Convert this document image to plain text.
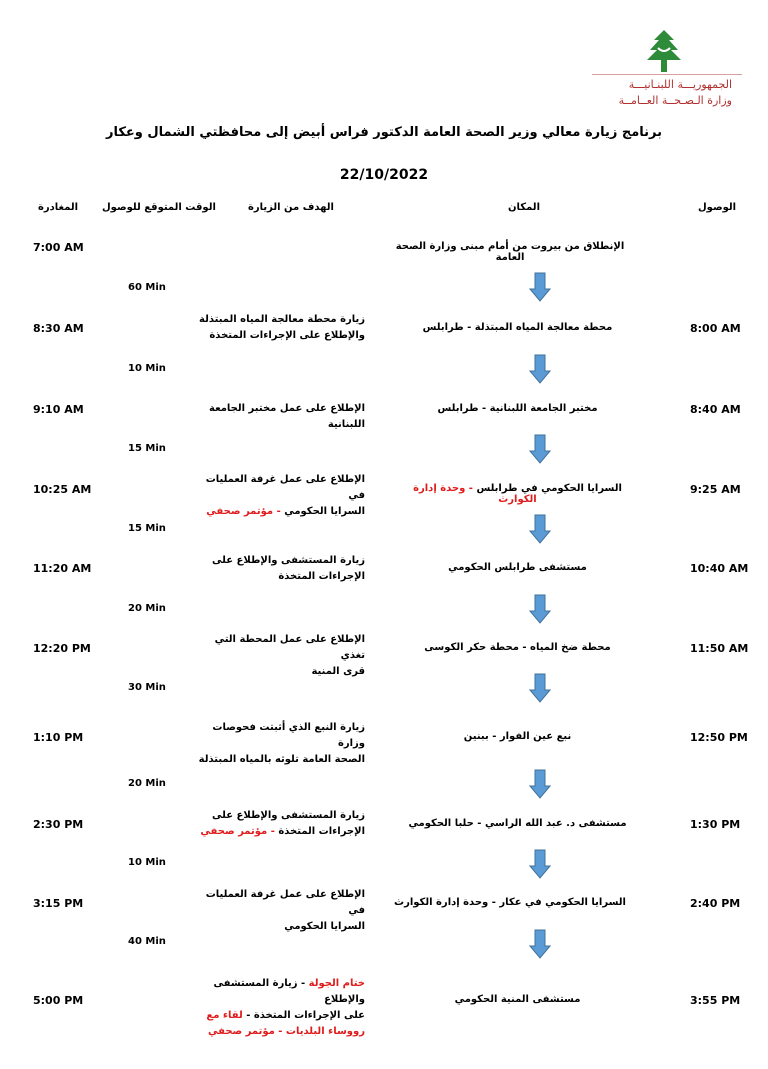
الجمهوريـــة اللبنـانيـــة
وزارة الـصـحــة العــامــة
برنامج زيارة معالي وزير الصحة العامة الدكتور فراس أبيض إلى محافظتي الشمال وعكار
22/10/2022
الوصول
المكان
الهدف من الزيارة
الوقت المتوقع للوصول
المغادرة
الإنطلاق من بيروت من أمام مبنى وزارة الصحة العامة
7:00 AM
60 Min
10 Min
15 Min
15 Min
20 Min
30 Min
20 Min
10 Min
40 Min
8:00 AM
محطة معالجة المياه المبتذلة - طرابلس
زيارة محطة معالجة المياه المبتذلة
والإطلاع على الإجراءات المتخذة
8:30 AM
8:40 AM
مختبر الجامعة اللبنانية - طرابلس
الإطلاع على عمل مختبر الجامعة اللبنانية
9:10 AM
9:25 AM
السرايا الحكومي في طرابلس - وحدة إدارة الكوارث
الإطلاع على عمل غرفة العمليات في
السرايا الحكومي - مؤتمر صحفي
10:25 AM
10:40 AM
مستشفى طرابلس الحكومي
زيارة المستشفى والإطلاع على
الإجراءات المتخذة
11:20 AM
11:50 AM
محطة ضخ المياه - محطة حكر الكوسى
الإطلاع على عمل المحطة التي تغذي
قرى المنية
12:20 PM
12:50 PM
نبع عين الفوار - ببنين
زيارة النبع الذي أثبتت فحوصات وزارة
الصحة العامة تلوثه بالمياه المبتذلة
1:10 PM
1:30 PM
مستشفى د. عبد الله الراسي - حلبا الحكومي
زيارة المستشفى والإطلاع على
الإجراءات المتخذة - مؤتمر صحفي
2:30 PM
2:40 PM
السرايا الحكومي في عكار - وحدة إدارة الكوارث
الإطلاع على عمل غرفة العمليات في
السرايا الحكومي
3:15 PM
3:55 PM
مستشفى المنية الحكومي
ختام الجولة - زيارة المستشفى والإطلاع
على الإجراءات المتخذة - لقاء مع
رووساء البلديات - مؤتمر صحفي
5:00 PM
